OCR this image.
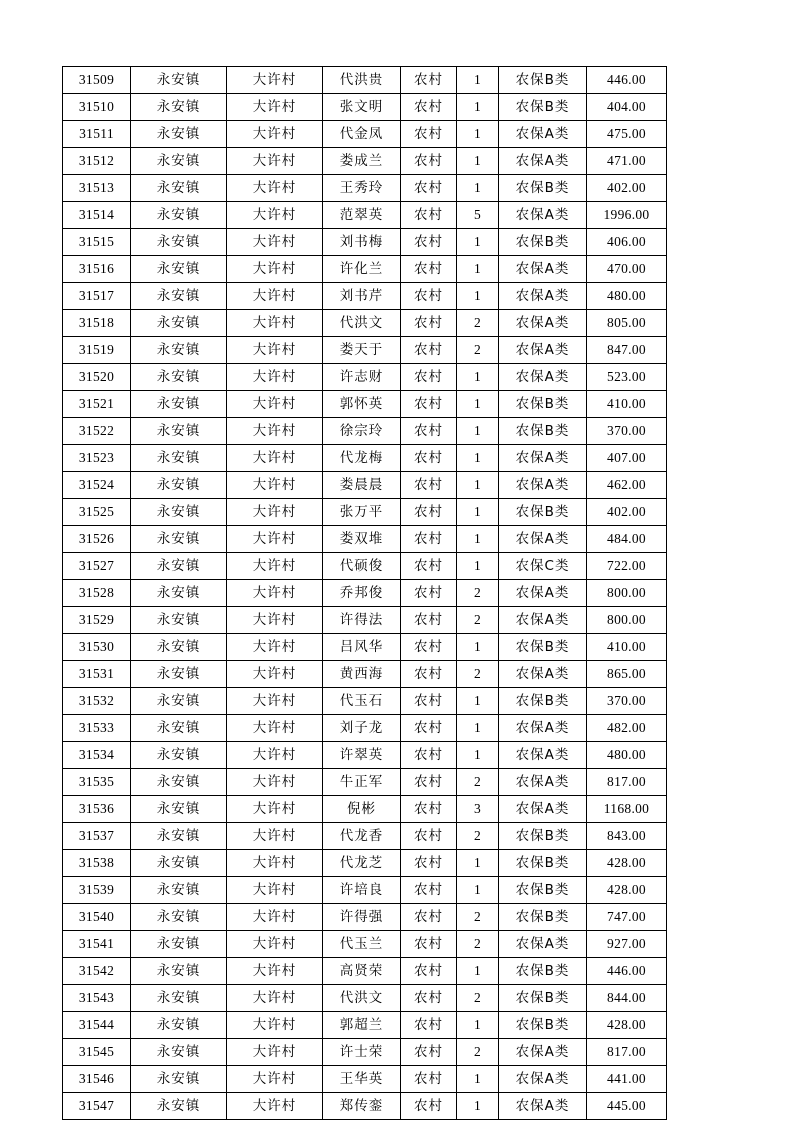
31509	永安镇	大许村	代洪贵	农村	1	农保B类	446.00
31510	永安镇	大许村	张文明	农村	1	农保B类	404.00
31511	永安镇	大许村	代金凤	农村	1	农保A类	475.00
31512	永安镇	大许村	娄成兰	农村	1	农保A类	471.00
31513	永安镇	大许村	王秀玲	农村	1	农保B类	402.00
31514	永安镇	大许村	范翠英	农村	5	农保A类	1996.00
31515	永安镇	大许村	刘书梅	农村	1	农保B类	406.00
31516	永安镇	大许村	许化兰	农村	1	农保A类	470.00
31517	永安镇	大许村	刘书芹	农村	1	农保A类	480.00
31518	永安镇	大许村	代洪文	农村	2	农保A类	805.00
31519	永安镇	大许村	娄天于	农村	2	农保A类	847.00
31520	永安镇	大许村	许志财	农村	1	农保A类	523.00
31521	永安镇	大许村	郭怀英	农村	1	农保B类	410.00
31522	永安镇	大许村	徐宗玲	农村	1	农保B类	370.00
31523	永安镇	大许村	代龙梅	农村	1	农保A类	407.00
31524	永安镇	大许村	娄晨晨	农村	1	农保A类	462.00
31525	永安镇	大许村	张万平	农村	1	农保B类	402.00
31526	永安镇	大许村	娄双堆	农村	1	农保A类	484.00
31527	永安镇	大许村	代硕俊	农村	1	农保C类	722.00
31528	永安镇	大许村	乔邦俊	农村	2	农保A类	800.00
31529	永安镇	大许村	许得法	农村	2	农保A类	800.00
31530	永安镇	大许村	吕风华	农村	1	农保B类	410.00
31531	永安镇	大许村	黄西海	农村	2	农保A类	865.00
31532	永安镇	大许村	代玉石	农村	1	农保B类	370.00
31533	永安镇	大许村	刘子龙	农村	1	农保A类	482.00
31534	永安镇	大许村	许翠英	农村	1	农保A类	480.00
31535	永安镇	大许村	牛正军	农村	2	农保A类	817.00
31536	永安镇	大许村	倪彬	农村	3	农保A类	1168.00
31537	永安镇	大许村	代龙香	农村	2	农保B类	843.00
31538	永安镇	大许村	代龙芝	农村	1	农保B类	428.00
31539	永安镇	大许村	许培良	农村	1	农保B类	428.00
31540	永安镇	大许村	许得强	农村	2	农保B类	747.00
31541	永安镇	大许村	代玉兰	农村	2	农保A类	927.00
31542	永安镇	大许村	高贤荣	农村	1	农保B类	446.00
31543	永安镇	大许村	代洪文	农村	2	农保B类	844.00
31544	永安镇	大许村	郭超兰	农村	1	农保B类	428.00
31545	永安镇	大许村	许士荣	农村	2	农保A类	817.00
31546	永安镇	大许村	王华英	农村	1	农保A类	441.00
31547	永安镇	大许村	郑传銮	农村	1	农保A类	445.00
